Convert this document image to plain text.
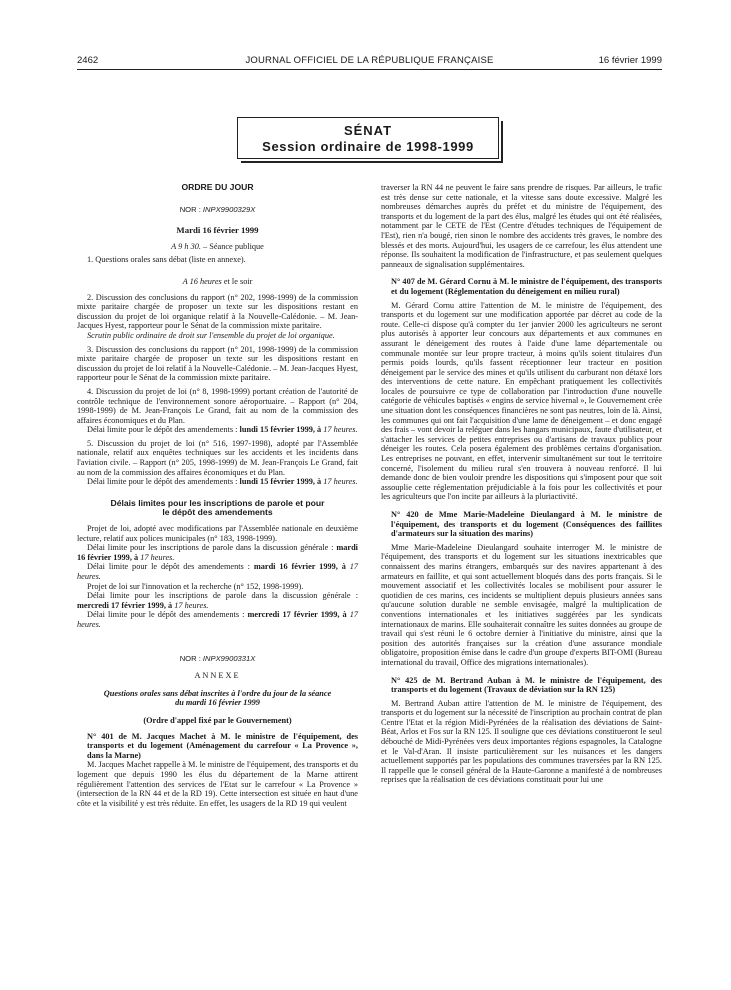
2462	JOURNAL OFFICIEL DE LA RÉPUBLIQUE FRANÇAISE	16 février 1999
SÉNAT
Session ordinaire de 1998-1999

ORDRE DU JOUR

NOR : INPX9900329X

Mardi 16 février 1999

A 9 h 30. – Séance publique

1. Questions orales sans débat (liste en annexe).

A 16 heures et le soir

2. Discussion des conclusions du rapport (n° 202, 1998-1999) de la commission mixte paritaire chargée de proposer un texte sur les dispositions restant en discussion du projet de loi organique relatif à la Nouvelle-Calédonie. – M. Jean-Jacques Hyest, rapporteur pour le Sénat de la commission mixte paritaire.

Scrutin public ordinaire de droit sur l'ensemble du projet de loi organique.

3. Discussion des conclusions du rapport (n° 201, 1998-1999) de la commission mixte paritaire chargée de proposer un texte sur les dispositions restant en discussion du projet de loi relatif à la Nouvelle-Calédonie. – M. Jean-Jacques Hyest, rapporteur pour le Sénat de la commission mixte paritaire.

4. Discussion du projet de loi (n° 8, 1998-1999) portant création de l'autorité de contrôle technique de l'environnement sonore aéroportuaire. – Rapport (n° 204, 1998-1999) de M. Jean-François Le Grand, fait au nom de la commission des affaires économiques et du Plan.

Délai limite pour le dépôt des amendements : lundi 15 février 1999, à 17 heures.

5. Discussion du projet de loi (n° 516, 1997-1998), adopté par l'Assemblée nationale, relatif aux enquêtes techniques sur les accidents et les incidents dans l'aviation civile. – Rapport (n° 205, 1998-1999) de M. Jean-François Le Grand, fait au nom de la commission des affaires économiques et du Plan.

Délai limite pour le dépôt des amendements : lundi 15 février 1999, à 17 heures.

Délais limites pour les inscriptions de parole et pour le dépôt des amendements

Projet de loi, adopté avec modifications par l'Assemblée nationale en deuxième lecture, relatif aux polices municipales (n° 183, 1998-1999).

Délai limite pour les inscriptions de parole dans la discussion générale : mardi 16 février 1999, à 17 heures.

Délai limite pour le dépôt des amendements : mardi 16 février 1999, à 17 heures.

Projet de loi sur l'innovation et la recherche (n° 152, 1998-1999).

Délai limite pour les inscriptions de parole dans la discussion générale : mercredi 17 février 1999, à 17 heures.

Délai limite pour le dépôt des amendements : mercredi 17 février 1999, à 17 heures.

NOR : INPX9900331X

ANNEXE

Questions orales sans débat inscrites à l'ordre du jour de la séance du mardi 16 février 1999

(Ordre d'appel fixé par le Gouvernement)

N° 401 de M. Jacques Machet à M. le ministre de l'équipement, des transports et du logement (Aménagement du carrefour « La Provence », dans la Marne)

M. Jacques Machet rappelle à M. le ministre de l'équipement, des transports et du logement que depuis 1990 les élus du département de la Marne attirent régulièrement l'attention des services de l'Etat sur le carrefour « La Provence » (intersection de la RN 44 et de la RD 19). Cette intersection est située en haut d'une côte et la visibilité y est très réduite. En effet, les usagers de la RD 19 qui veulent

traverser la RN 44 ne peuvent le faire sans prendre de risques. Par ailleurs, le trafic est très dense sur cette nationale, et la vitesse sans doute excessive. Malgré les nombreuses démarches auprès du préfet et du ministre de l'équipement, des transports et du logement de la part des élus, malgré les études qui ont été réalisées, notamment par le CETE de l'Est (Centre d'études techniques de l'équipement de l'Est), rien n'a bougé, rien sinon le nombre des accidents très graves, le nombre des blessés et des morts. Aujourd'hui, les usagers de ce carrefour, les élus attendent une réponse. Ils souhaitent la modification de l'infrastructure, et pas seulement quelques panneaux de signalisation supplémentaires.

N° 407 de M. Gérard Cornu à M. le ministre de l'équipement, des transports et du logement (Réglementation du déneigement en milieu rural)

M. Gérard Cornu attire l'attention de M. le ministre de l'équipement, des transports et du logement sur une modification apportée par décret au code de la route. Celle-ci dispose qu'à compter du 1er janvier 2000 les agriculteurs ne seront plus autorisés à apporter leur concours aux départements et aux communes en assurant le déneigement des routes à l'aide d'une lame départementale ou communale montée sur leur propre tracteur, à moins qu'ils soient titulaires d'un permis poids lourds, qu'ils fassent réceptionner leur tracteur en position déneigement par le service des mines et qu'ils utilisent du carburant non détaxé lors des interventions de cette nature. En empêchant pratiquement les collectivités locales de poursuivre ce type de collaboration par l'introduction d'une nouvelle catégorie de véhicules baptisés « engins de service hivernal », le Gouvernement crée une situation dont les conséquences financières ne sont pas neutres, loin de là. Ainsi, les communes qui ont fait l'acquisition d'une lame de déneigement – et donc engagé des frais – vont devoir la reléguer dans les hangars municipaux, faute d'utilisateur, et s'attacher les services de petites entreprises ou d'artisans de travaux publics pour déneiger les routes. Cela posera également des problèmes certains d'organisation. Les entreprises ne pouvant, en effet, intervenir simultanément sur tout le territoire concerné, l'isolement du milieu rural s'en trouvera à nouveau renforcé. Il lui demande donc de bien vouloir prendre les dispositions qui s'imposent pour que soit assouplie cette réglementation préjudiciable à la fois pour les collectivités et pour les agriculteurs que l'on incite par ailleurs à la pluriactivité.

N° 420 de Mme Marie-Madeleine Dieulangard à M. le ministre de l'équipement, des transports et du logement (Conséquences des faillites d'armateurs sur la situation des marins)

Mme Marie-Madeleine Dieulangard souhaite interroger M. le ministre de l'équipement, des transports et du logement sur les situations inextricables que connaissent des marins étrangers, embarqués sur des navires appartenant à des armateurs en faillite, et qui sont actuellement bloqués dans des ports français. Si le mouvement associatif et les collectivités locales se mobilisent pour assurer le quotidien de ces marins, ces incidents se multiplient depuis plusieurs années sans qu'aucune solution durable ne semble envisagée, malgré la multiplication de conventions internationales et les initiatives suggérées par les syndicats internationaux de marins. Elle souhaiterait connaître les suites données au groupe de travail qui s'est réuni le 6 octobre dernier à l'initiative du ministre, ainsi que la position des autorités françaises sur la création d'une assurance mondiale obligatoire, proposition émise dans le cadre d'un groupe d'experts BIT-OMI (Bureau international du travail, Office des migrations internationales).

N° 425 de M. Bertrand Auban à M. le ministre de l'équipement, des transports et du logement (Travaux de déviation sur la RN 125)

M. Bertrand Auban attire l'attention de M. le ministre de l'équipement, des transports et du logement sur la nécessité de l'inscription au prochain contrat de plan Centre l'Etat et la région Midi-Pyrénées de la réalisation des déviations de Saint-Béat, Arlos et Fos sur la RN 125. Il souligne que ces déviations constitueront le seul débouché de Midi-Pyrénées vers deux importantes régions espagnoles, la Catalogne et le Val-d'Aran. Il insiste particulièrement sur les nuisances et les dangers actuellement supportés par les populations des communes traversées par la RN 125. Il rappelle que le conseil général de la Haute-Garonne a manifesté à de nombreuses reprises que la réalisation de ces déviations constituait pour lui une
